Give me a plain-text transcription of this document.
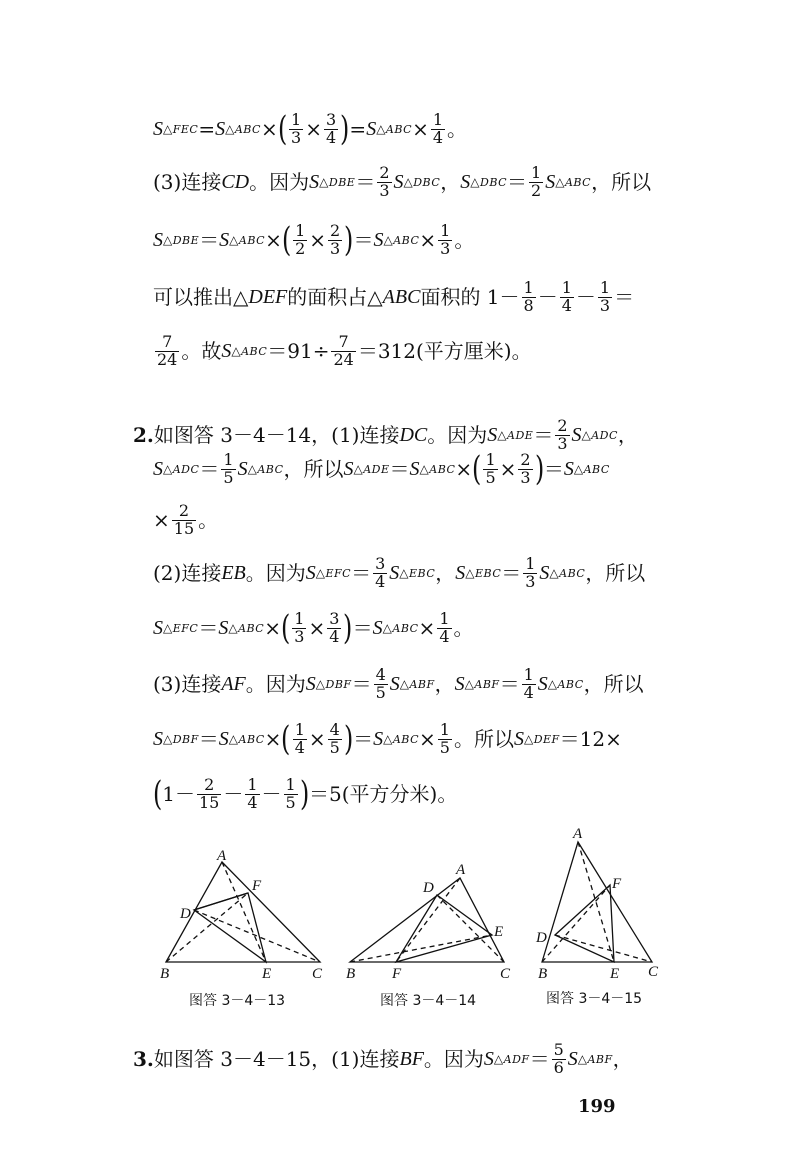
S △FEC = S △ABC × ( $\frac{1}{3} \times \frac{3}{4}$ ) = S △ABC × $\frac{1}{4}$ 。
(3)连接 CD 。因为 S △DBE ＝ $\frac{2}{3}$ S △DBC ， S △DBC ＝ $\frac{1}{2}$ S △ABC ，所以
S △DBE ＝ S △ABC × ( $\frac{1}{2} \times \frac{2}{3}$ ) ＝ S △ABC × $\frac{1}{3}$ 。
可以推出 △ DEF 的面积占 △ ABC 面积的 $1- \frac{1}{8} - \frac{1}{4} - \frac{1}{3}$ ＝
$\frac{7}{24}$ 。故 S △ABC $=91\div \frac{7}{24} =312$(平方厘米)。
2. 如图答 3－4－14，(1)连接 DC 。因为 S △ADE ＝ $\frac{2}{3}$ S △ADC ，
S △ADC ＝ $\frac{1}{5}$ S △ABC ，所以 S △ADE ＝ S △ABC × ( $\frac{1}{5} \times \frac{2}{3}$ ) ＝ S △ABC
× $\frac{2}{15}$ 。
(2)连接 EB 。因为 S △EFC ＝ $\frac{3}{4}$ S △EBC ， S △EBC ＝ $\frac{1}{3}$ S △ABC ，所以
S △EFC ＝ S △ABC × ( $\frac{1}{3} \times \frac{3}{4}$ ) ＝ S △ABC × $\frac{1}{4}$ 。
(3)连接 AF 。因为 S △DBF ＝ $\frac{4}{5}$ S △ABF ， S △ABF ＝ $\frac{1}{4}$ S △ABC ，所以
S △DBF ＝ S △ABC × ( $\frac{1}{4} \times \frac{4}{5}$ ) ＝ S △ABC × $\frac{1}{5}$ 。所以 S △DEF ＝12×
( $1- \frac{2}{15} - \frac{1}{4} - \frac{1}{5}$ ) ＝5(平方分米)。
A
F
D
B	E	C
A
D
E
B F	C
A
F
D
B	E C
图答 3－4－13	图答 3－4－14	图答 3－4－15
3. 如图答 3－4－15，(1)连接 BF 。因为 S △ADF ＝ $\frac{5}{6}$ S △ABF ，
199
